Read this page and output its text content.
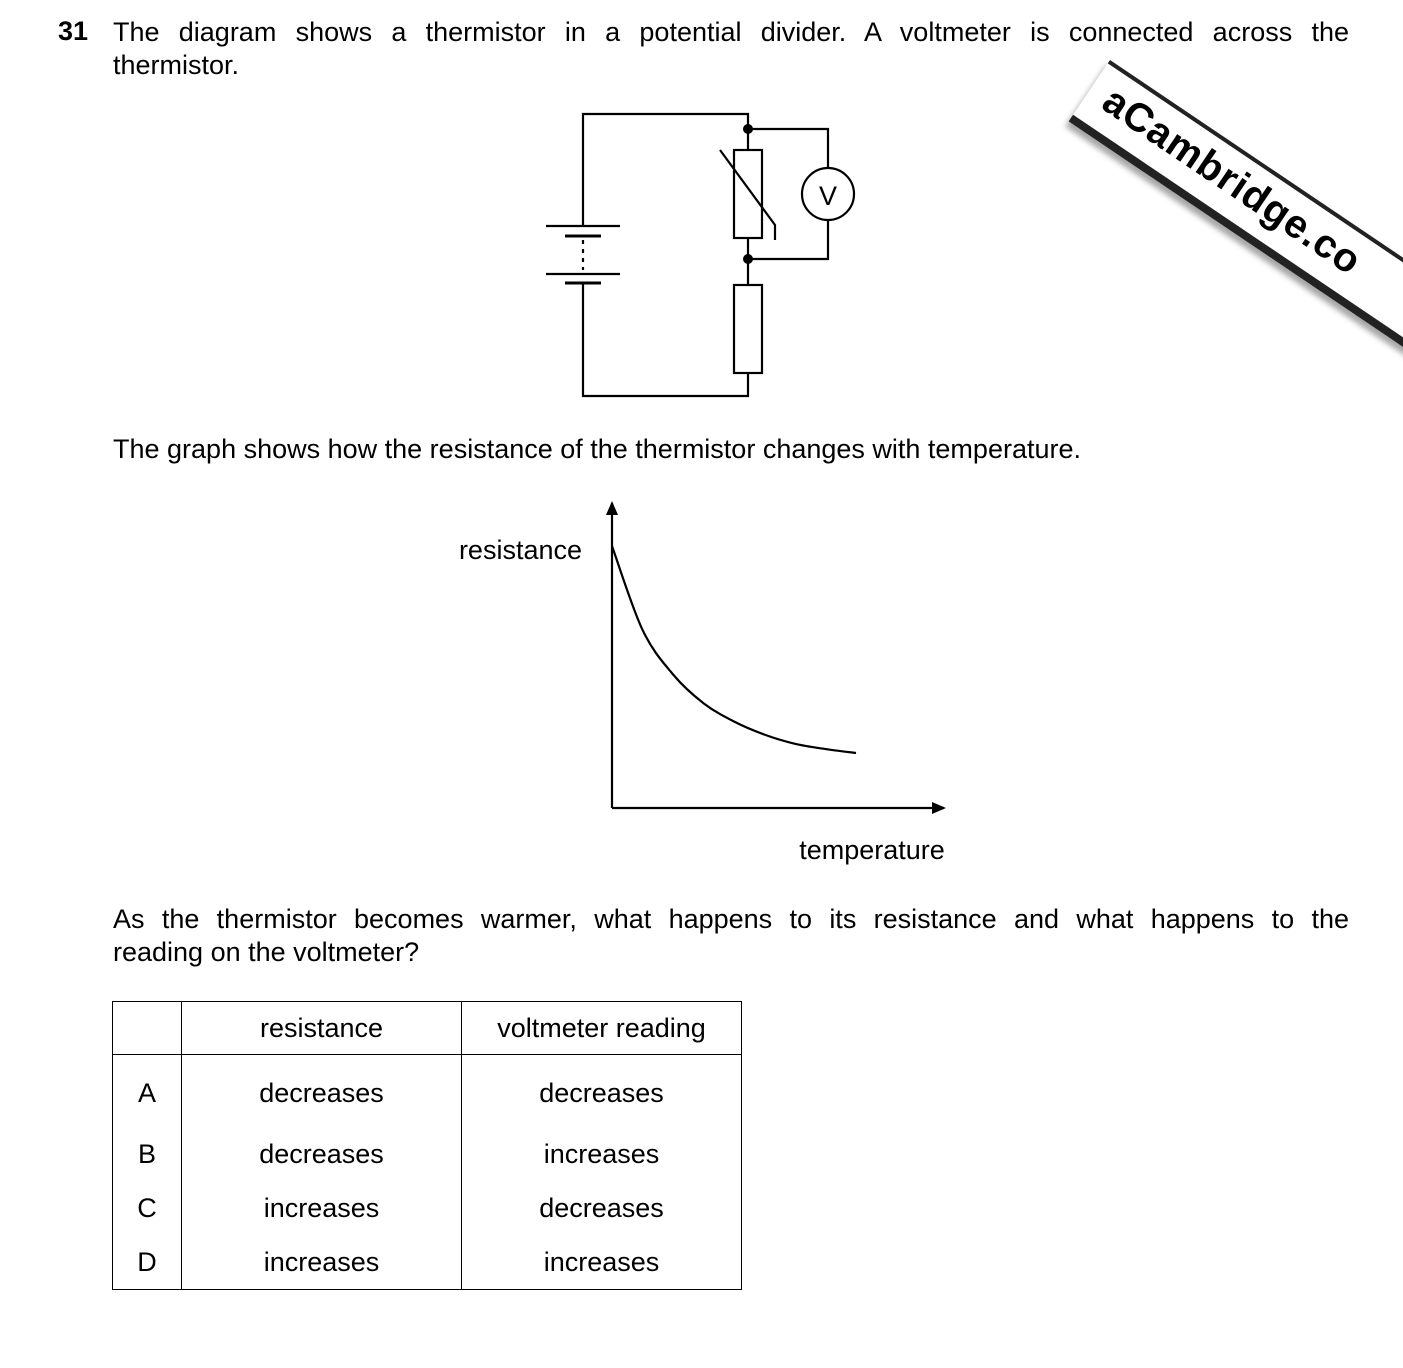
31 The diagram shows a thermistor in a potential divider. A voltmeter is connected across the
thermistor.
V
The graph shows how the resistance of the thermistor changes with temperature.
resistance
temperature
As the thermistor becomes warmer, what happens to its resistance and what happens to the
reading on the voltmeter?
	resistance	voltmeter reading
A	decreases	decreases
B	decreases	increases
C	increases	decreases
D	increases	increases
aCambridge.co
